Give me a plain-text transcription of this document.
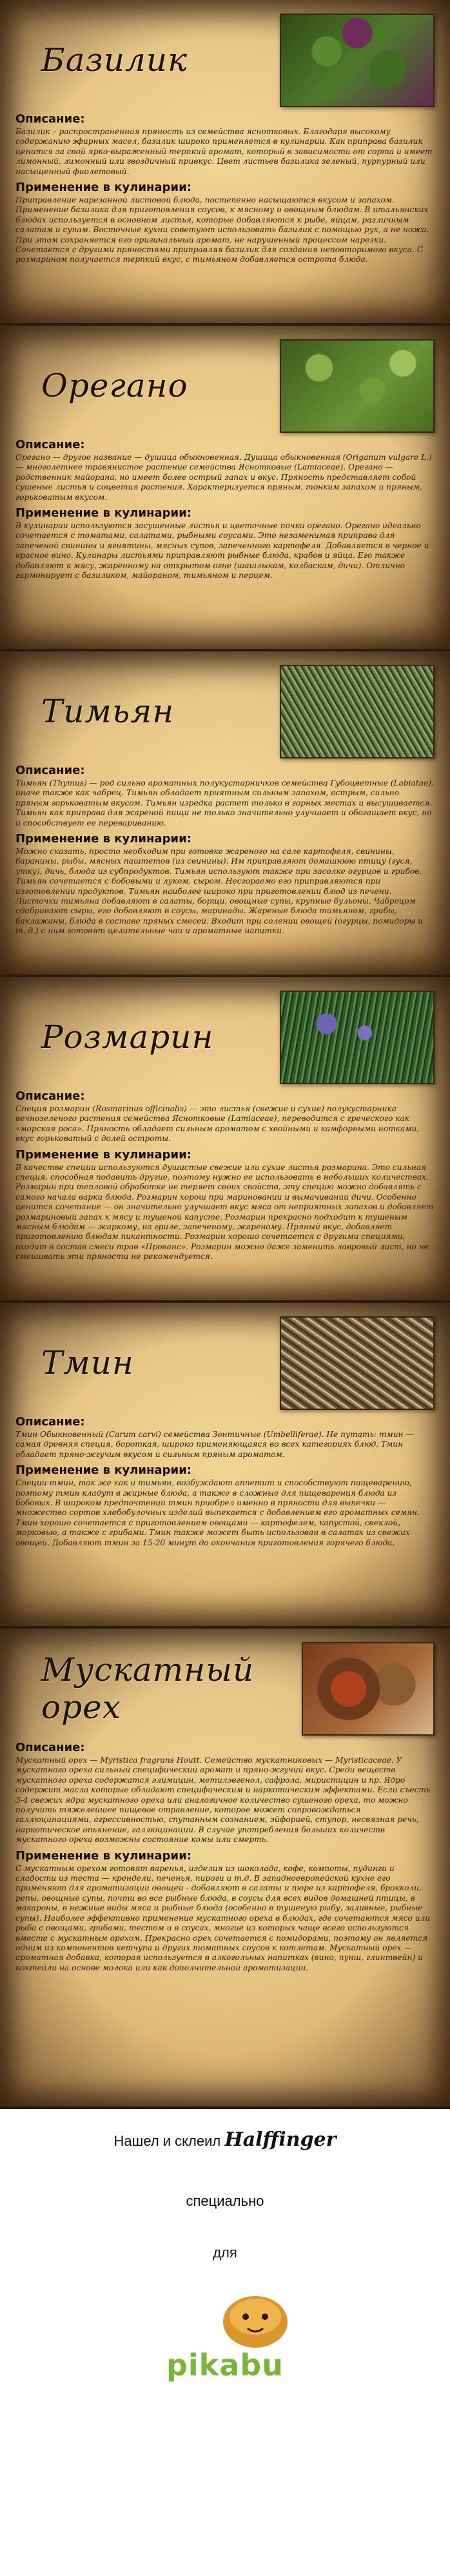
Базилик
Описание:
Базилик – распространенная пряность из семейства яснотковых. Благодаря высокому содержанию эфирных масел, базилик широко применяется в кулинарии. Как приправа базилик ценится за свой ярко-выраженный терпкий аромат, который в зависимости от сорта и имеет лимонный, лимонный или гвоздичный привкус. Цвет листьев базилика зеленый, пурпурный или насыщенный фиолетовый.
Применение в кулинарии:
Приправление нарезанной листовой блюда, постепенно насыщаются вкусом и запахом. Применение базилика для приготовления соусов, к мясному и овощным блюдам. В итальянских блюдах используется в основном листья, которые добавляются к рыбе, яйцам, различным салатам и супам. Восточные кухни советуют использовать базилик с помощью рук, а не ножа. При этом сохраняется его оригинальный аромат, не нарушенный процессом нарезки. Сочетается с другими пряностями приправляя базилик для создания неповторимого вкуса. С розмарином получается терпкий вкус, с тимьяном добавляется острота блюда.
Орегано
Описание:
Орегано — другое название — душица обыкновенная. Душица обыкновенная (Origanum vulgare L.) — многолетнее травянистое растение семейства Яснотковые (Lamiaceae). Орегано — родственник майорана, но имеет более острый запах и вкус. Пряность представляет собой сушеные листья и соцветия растения. Характеризуется пряным, тонким запахом и пряным, горьковатым вкусом.
Применение в кулинарии:
В кулинарии используются засушенные листья и цветочные почки орегано. Орегано идеально сочетается с томатами, салатами, рыбными соусами. Это незаменимая приправа для запеченой свинины и ягнятины, мясных супов, запеченного картофеля. Добавляется в черное и красное вино. Кулинары листьями приправляют рыбные блюда, крабов и яйца. Его также добавляют к мясу, жаренному на открытом огне (шашлыкам, колбаскам, дичи). Отлично гармонирует с базиликом, майораном, тимьяном и перцем.
Тимьян
Описание:
Тимьян (Thymus) — род сильно ароматных полукустарничков семейства Губоцветные (Labiatae), иначе также как чабрец. Тимьян обладает приятным сильным запахом, острым, сильно пряным горьковатым вкусом. Тимьян изредка растет только в горных местах и высушивается. Тимьян как приправа для жареной пищи не только значительно улучшает и обогащает вкус, но и способствует ее перевариванию.
Применение в кулинарии:
Можно сказать, просто необходим при готовке жареного на сале картофеля, свинины, баранины, рыбы, мясных паштетов (из свинины). Им приправляют домашнюю птицу (гуся, утку), дичь, блюда из субпродуктов. Тимьян используют также при засолке огурцов и грибов. Тимьян сочетается с бобовыми и луком, сыром. Несгораемо его приправляются при изготовлении продуктов. Тимьян наиболее широко при приготовлении блюд из печени. Листочки тимьяна добавляют в салаты, борщи, овощные супы, крупные бульоны. Чабрецом сдабривают сыры, его добавляют в соусы, маринады. Жареные блюда тимьяном, грибы, баклажаны, блюда в составе пряных смесей. Входит при солении овощей (огурцы, помидоры и т. д.) с ним готовят целительные чаи и ароматные напитки.
Розмарин
Описание:
Специя розмарин (Rosmarinus officinalis) — это листья (свежие и сухие) полукустарника вечнозеленого растения семейства Яснотковые (Lamiaceae), переводится с греческого как «морская роса». Пряность обладает сильным ароматом с хвойными и камфорными нотками, вкус горьковатый с долей остроты.
Применение в кулинарии:
В качестве специи используются душистые свежие или сухие листья розмарина. Это сильная специя, способная подавить другие, поэтому нужно ее использовать в небольших количествах. Розмарин при тепловой обработке не теряет своих свойств, эту специю можно добавлять с самого начала варки блюда. Розмарин хорош при мариновании и вымачивании дичи. Особенно ценится сочетание — он значительно улучшает вкус мяса от неприятных запахов и добавляет розмариновый запах к мясу и тушеной капусте. Розмарин прекрасно подходит к тушеным мясным блюдам — жаркому, на гриле, запеченому, жареному. Пряный вкус, добавляет приготовлению блюдам пикантности. Розмарин хорошо сочетается с другими специями, входит в состав смеси трав «Прованс». Розмарин можно даже заменить лавровый лист, но не смешивать эти пряности не рекомендуется.
Тмин
Описание:
Тмин Обыкновенный (Carum carvi) семейства Зонтичные (Umbelliferae). Не путать: тмин — самая древняя специя, бороткая, широко применяющаяся во всех категориях блюд. Тмин обладает пряно-жгучим вкусом и сильным пряным ароматом.
Применение в кулинарии:
Специи тмин, так же как и тимьян, возбуждают аппетит и способствуют пищеварению, поэтому тмин кладут в жирные блюда, а также в сложные для пищеварения блюда из бобовых. В широком предпочтении тмин приобрел именно в пряности для выпечки — множество сортов хлебобулочных изделий выпекается с добавлением его ароматных семян. Тмин хорошо сочетается с приготовлением овощами — картофелем, капустой, свеклой, морковью, а также с грибами. Тмин также может быть использован в салатах из свежих овощей. Добавляют тмин за 15-20 минут до окончания приготовления горячего блюда.
Мускатный орех
Описание:
Мускатный орех — Myristica fragrans Houtt. Семейство мускатниковых — Myristicaceae. У мускатного ореха сильный специфический аромат и пряно-жгучий вкус. Среди веществ мускатного ореха содержатся элимицин, метилэвгенол, сафрола, миристицин и пр. Ядро содержит масла которые обладают специфическим и наркотическим эффектами. Если съесть 3-4 свежих ядра мускатного ореха или аналогичное количество сушеного ореха, то можно получить тяжелейшее пищевое отравление, которое может сопровождаться галлюцинациями, агрессивностью, спутанным сознанием, эйфорией, ступор, несвязная речь, наркотическое опьянение, галлюцинации. В случае употребления больших количеств мускатного ореха возможны состояние комы или смерть.
Применение в кулинарии:
С мускатным орехом готовят варенья, изделия из шоколада, кофе, компоты, пудинги и сладости из теста — крендели, печенья, пироги и т.д. В западноевропейской кухне его применяют для ароматизации овощей - добавляют в салаты и пюре из картофеля, брокколи, репы, овощные супы, почти во все рыбные блюда, в соусы для всех видов домашней птицы, в макароны, в нежные виды мяса и рыбные блюда (особенно в тушеную рыбу, заливные, рыбные супы). Наиболее эффективно применение мускатного ореха в блюдах, где сочетаются мясо или рыба с овощами, грибами, тестом и в соусах, многие из которых чаще всего используются вместе с мускатным орехом. Прекрасно орех сочетается с помидорами, поэтому он является одним из компонентов кетчупа и других томатных соусов к котлетам. Мускатный орех — ароматная добавка, которая используется в алкогольных напитках (вино, пунш, глинтвейн) и коктейли на основе молока или как дополнительной ароматизации.
Нашел и склеил Halffinger
специально
для
pikabu
